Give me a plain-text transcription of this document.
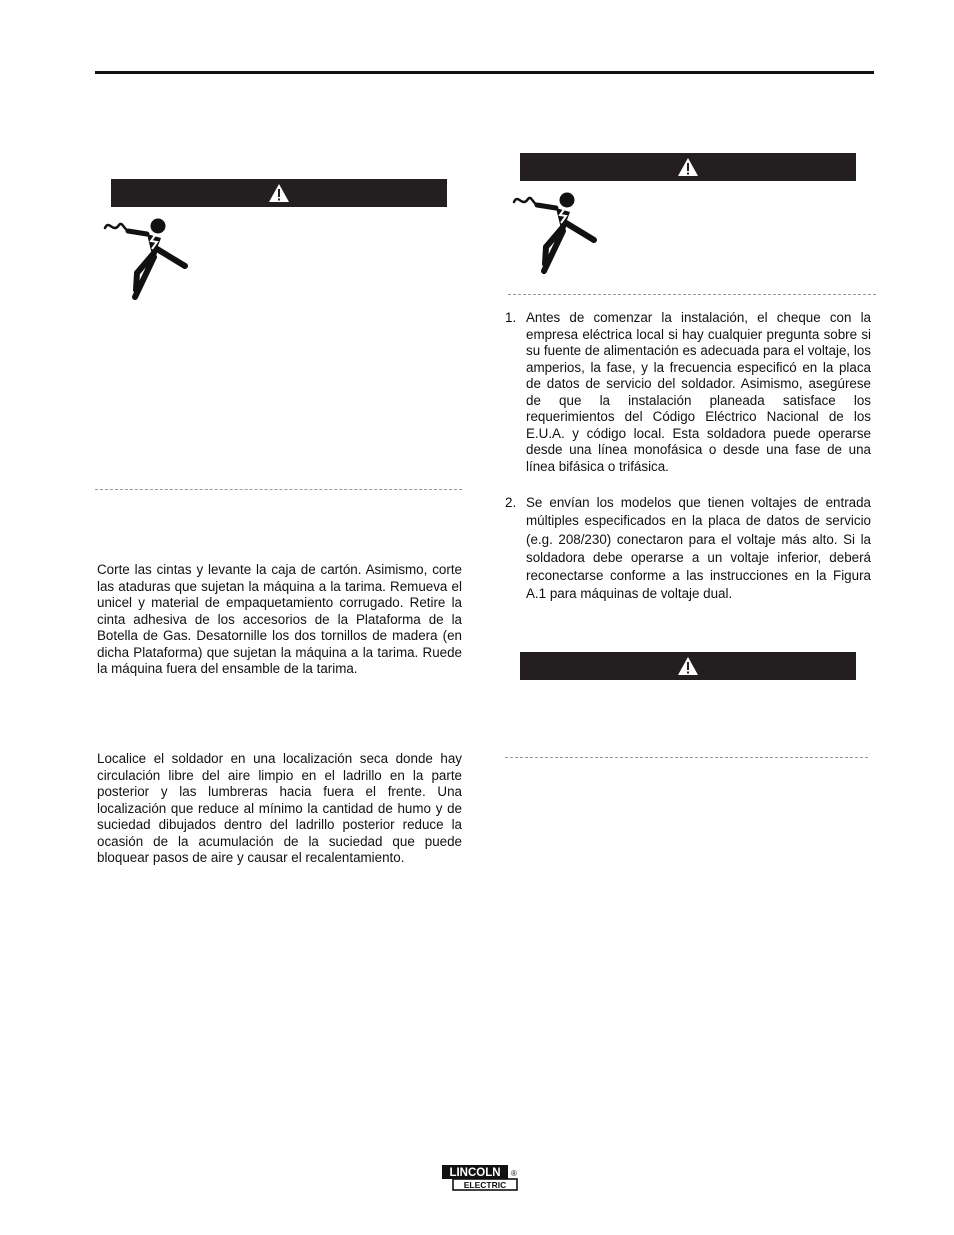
Corte las cintas y levante la caja de cartón. Asimismo, corte las ataduras que sujetan la máquina a la tarima. Remueva el unicel y material de empaquetamiento corrugado. Retire la cinta adhesiva de los accesorios de la Plataforma de la Botella de Gas. Desatornille los dos tornillos de madera (en dicha Plataforma) que sujetan la máquina a la tarima. Ruede la máquina fuera del ensamble de la tarima.

Localice el soldador en una localización seca donde hay circulación libre del aire limpio en el ladrillo en la parte posterior y las lumbreras hacia fuera el frente. Una localización que reduce al mínimo la cantidad de humo y de suciedad dibujados dentro del ladrillo posterior reduce la ocasión de la acumulación de la suciedad que puede bloquear pasos de aire y causar el recalentamiento.

1. Antes de comenzar la instalación, el cheque con la empresa eléctrica local si hay cualquier pregunta sobre si su fuente de alimentación es adecuada para el voltaje, los amperios, la fase, y la frecuencia especificó en la placa de datos de servicio del soldador. Asimismo, asegúrese de que la instalación planeada satisface los requerimientos del Código Eléctrico Nacional de los E.U.A. y código local. Esta soldadora puede operarse desde una línea monofásica o desde una fase de una línea bifásica o trifásica.
2. Se envían los modelos que tienen voltajes de entrada múltiples especificados en la placa de datos de servicio (e.g. 208/230) conectaron para el voltaje más alto. Si la soldadora debe operarse a un voltaje inferior, deberá reconectarse conforme a las instrucciones en la Figura A.1 para máquinas de voltaje dual.
LINCOLN
ELECTRIC
®
